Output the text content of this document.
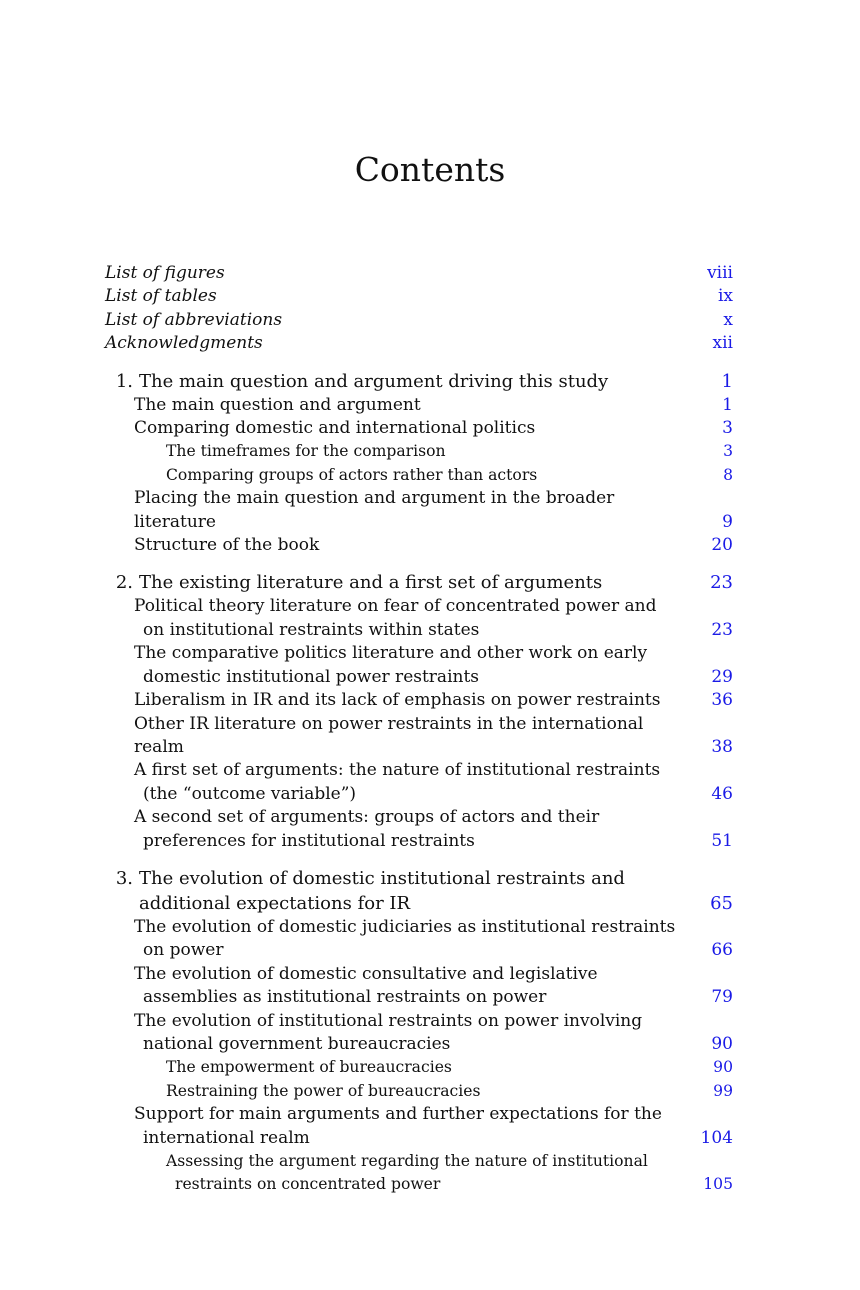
Contents
List of figures	viii
List of tables	ix
List of abbreviations	x
Acknowledgments	xii
1. The main question and argument driving this study	1
The main question and argument	1
Comparing domestic and international politics	3
The timeframes for the comparison	3
Comparing groups of actors rather than actors	8
Placing the main question and argument in the broader literature	9
Structure of the book	20
2. The existing literature and a first set of arguments	23
Political theory literature on fear of concentrated power and
on institutional restraints within states	23
The comparative politics literature and other work on early
domestic institutional power restraints	29
Liberalism in IR and its lack of emphasis on power restraints	36
Other IR literature on power restraints in the international realm	38
A first set of arguments: the nature of institutional restraints
(the “outcome variable”)	46
A second set of arguments: groups of actors and their
preferences for institutional restraints	51
3. The evolution of domestic institutional restraints and
additional expectations for IR	65
The evolution of domestic judiciaries as institutional restraints
on power	66
The evolution of domestic consultative and legislative
assemblies as institutional restraints on power	79
The evolution of institutional restraints on power involving
national government bureaucracies	90
The empowerment of bureaucracies	90
Restraining the power of bureaucracies	99
Support for main arguments and further expectations for the
international realm	104
Assessing the argument regarding the nature of institutional
restraints on concentrated power	105
